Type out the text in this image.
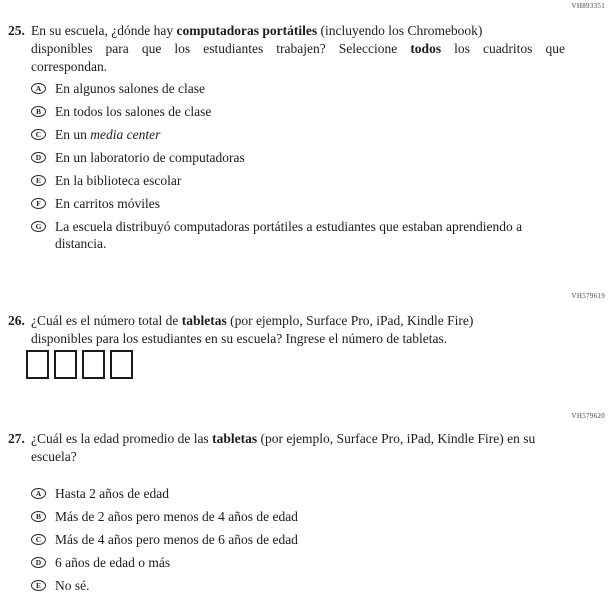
VH893351
25. En su escuela, ¿dónde hay computadoras portátiles (incluyendo los Chromebook)
disponibles para que los estudiantes trabajen? Seleccione todos los cuadritos que
correspondan.
A	En algunos salones de clase
B	En todos los salones de clase
C	En un media center
D	En un laboratorio de computadoras
E	En la biblioteca escolar
F	En carritos móviles
G	La escuela distribuyó computadoras portátiles a estudiantes que estaban aprendiendo a
distancia.
VH579619
26. ¿Cuál es el número total de tabletas (por ejemplo, Surface Pro, iPad, Kindle Fire)
disponibles para los estudiantes en su escuela? Ingrese el número de tabletas.
VH579620
27. ¿Cuál es la edad promedio de las tabletas (por ejemplo, Surface Pro, iPad, Kindle Fire) en su
escuela?
A	Hasta 2 años de edad
B	Más de 2 años pero menos de 4 años de edad
C	Más de 4 años pero menos de 6 años de edad
D	6 años de edad o más
E	No sé.
